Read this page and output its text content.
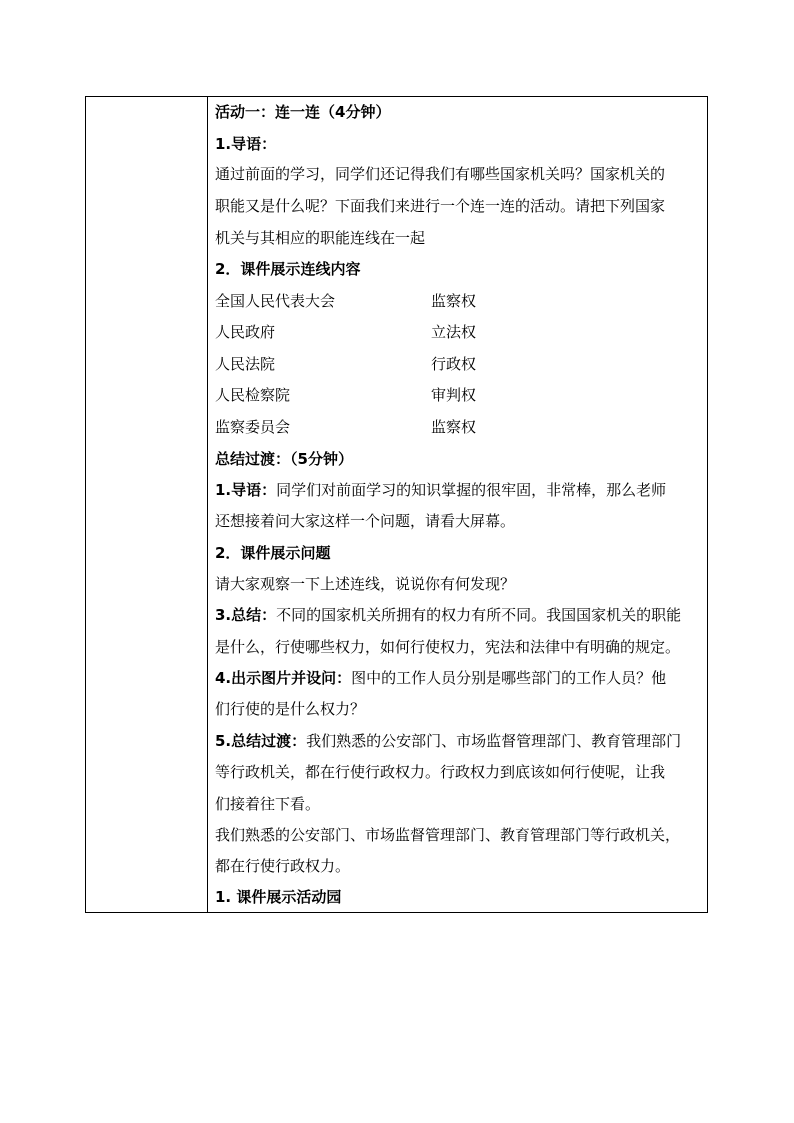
活动一：连一连（4分钟）
1.导语：
通过前面的学习，同学们还记得我们有哪些国家机关吗？国家机关的
职能又是什么呢？下面我们来进行一个连一连的活动。请把下列国家
机关与其相应的职能连线在一起
2．课件展示连线内容
全国人民代表大会	监察权
人民政府	立法权
人民法院	行政权
人民检察院	审判权
监察委员会	监察权
总结过渡：（5分钟）
1.导语：同学们对前面学习的知识掌握的很牢固，非常棒，那么老师
还想接着问大家这样一个问题，请看大屏幕。
2．课件展示问题
请大家观察一下上述连线，说说你有何发现？
3.总结：不同的国家机关所拥有的权力有所不同。我国国家机关的职能
是什么，行使哪些权力，如何行使权力，宪法和法律中有明确的规定。
4.出示图片并设问：图中的工作人员分别是哪些部门的工作人员？他
们行使的是什么权力？
5.总结过渡：我们熟悉的公安部门、市场监督管理部门、教育管理部门
等行政机关，都在行使行政权力。行政权力到底该如何行使呢，让我
们接着往下看。
我们熟悉的公安部门、市场监督管理部门、教育管理部门等行政机关，
都在行使行政权力。
1. 课件展示活动园
